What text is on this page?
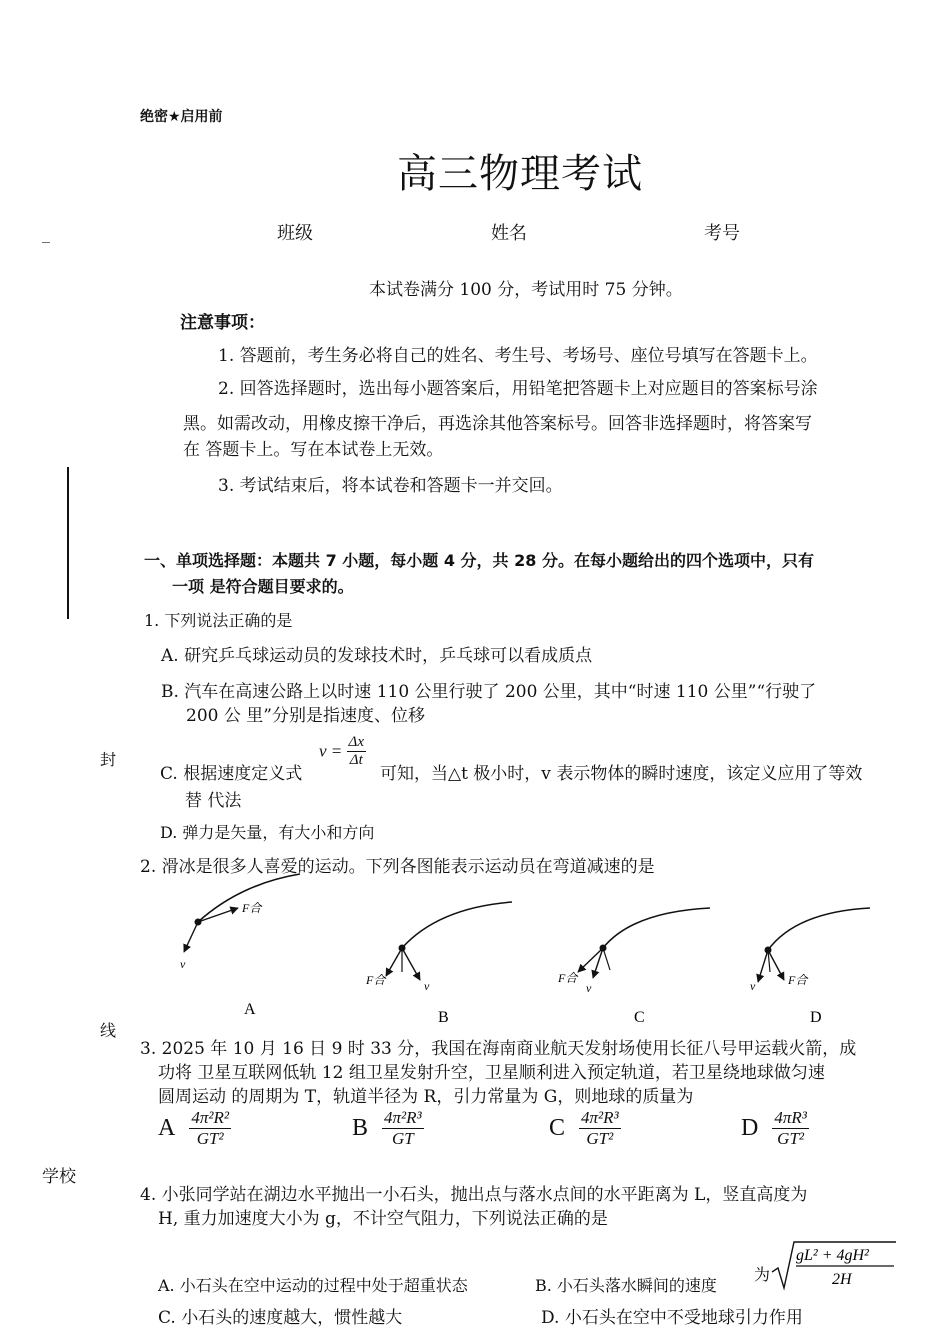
绝密★启用前
高三物理考试
班级	姓名	考号
_
本试卷满分 100 分，考试用时 75 分钟。
注意事项：
1. 答题前，考生务必将自己的姓名、考生号、考场号、座位号填写在答题卡上。
2. 回答选择题时，选出每小题答案后，用铅笔把答题卡上对应题目的答案标号涂
黑。如需改动，用橡皮擦干净后，再选涂其他答案标号。回答非选择题时，将答案写
在 答题卡上。写在本试卷上无效。
3. 考试结束后，将本试卷和答题卡一并交回。
一、单项选择题：本题共 7 小题，每小题 4 分，共 28 分。在每小题给出的四个选项中，只有
一项 是符合题目要求的。
1. 下列说法正确的是
A. 研究乒乓球运动员的发球技术时，乒乓球可以看成质点
B. 汽车在高速公路上以时速 110 公里行驶了 200 公里，其中“时速 110 公里”“行驶了
200 公 里”分别是指速度、位移
封
C. 根据速度定义式
$v = \frac{\Delta x}{\Delta t}$
可知，当△t 极小时，v 表示物体的瞬时速度，该定义应用了等效
替 代法
D. 弹力是矢量，有大小和方向
2. 滑冰是很多人喜爱的运动。下列各图能表示运动员在弯道减速的是
F合
v
A
F合	v
B
F合
v
C
F合
v
D
线
3. 2025 年 10 月 16 日 9 时 33 分，我国在海南商业航天发射场使用长征八号甲运载火箭，成
功将 卫星互联网低轨 12 组卫星发射升空，卫星顺利进入预定轨道，若卫星绕地球做匀速
圆周运动 的周期为 T，轨道半径为 R，引力常量为 G，则地球的质量为
A $\frac{\text{4π²R²}}{\text{GT²}}$	B $\frac{\text{4π²R³}}{GT}$	C $\frac{\text{4π²R³}}{\text{GT²}}$	D $\frac{\text{4πR³}}{\text{GT²}}$
学校
4. 小张同学站在湖边水平抛出一小石头，抛出点与落水点间的水平距离为 L，竖直高度为
H, 重力加速度大小为 g，不计空气阻力，下列说法正确的是
A. 小石头在空中运动的过程中处于超重状态	B. 小石头落水瞬间的速度
为
gL² + 4gH²
2H
C. 小石头的速度越大，惯性越大	D. 小石头在空中不受地球引力作用
